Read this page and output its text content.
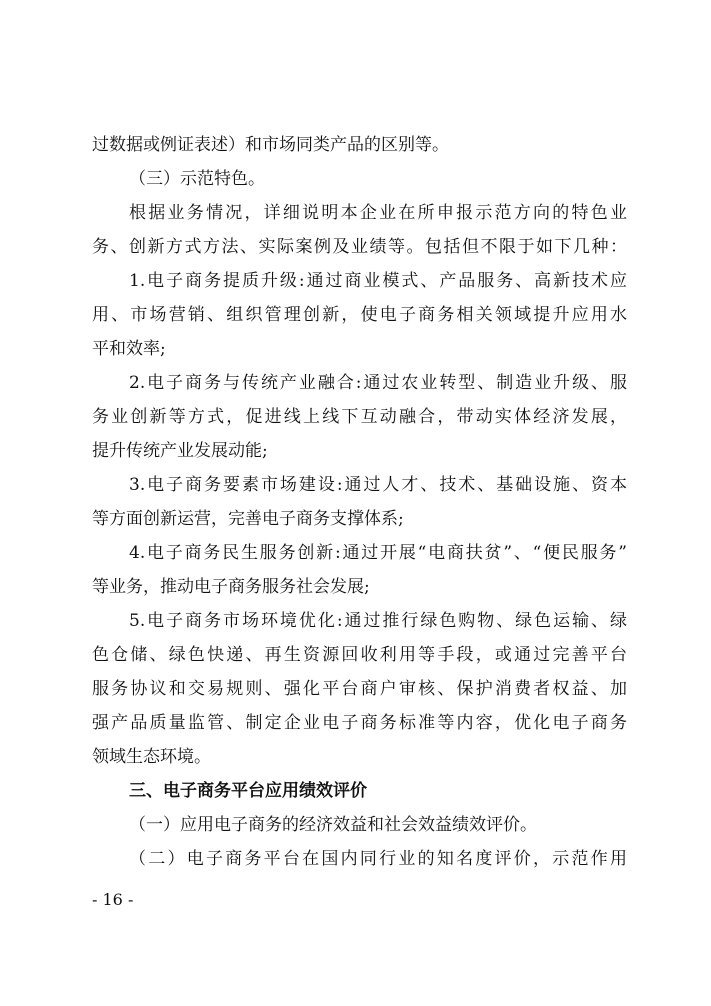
过数据或例证表述）和市场同类产品的区别等。
（三）示范特色。
根据业务情况，详细说明本企业在所申报示范方向的特色业
务、创新方式方法、实际案例及业绩等。包括但不限于如下几种：
1.电子商务提质升级:通过商业模式、产品服务、高新技术应
用、市场营销、组织管理创新，使电子商务相关领域提升应用水
平和效率;
2.电子商务与传统产业融合:通过农业转型、制造业升级、服
务业创新等方式，促进线上线下互动融合，带动实体经济发展，
提升传统产业发展动能;
3.电子商务要素市场建设:通过人才、技术、基础设施、资本
等方面创新运营，完善电子商务支撑体系;
4.电子商务民生服务创新:通过开展“电商扶贫”、“便民服务”
等业务，推动电子商务服务社会发展;
5.电子商务市场环境优化:通过推行绿色购物、绿色运输、绿
色仓储、绿色快递、再生资源回收利用等手段，或通过完善平台
服务协议和交易规则、强化平台商户审核、保护消费者权益、加
强产品质量监管、制定企业电子商务标准等内容，优化电子商务
领域生态环境。
三、电子商务平台应用绩效评价
（一）应用电子商务的经济效益和社会效益绩效评价。
（二）电子商务平台在国内同行业的知名度评价，示范作用
- 16 -
